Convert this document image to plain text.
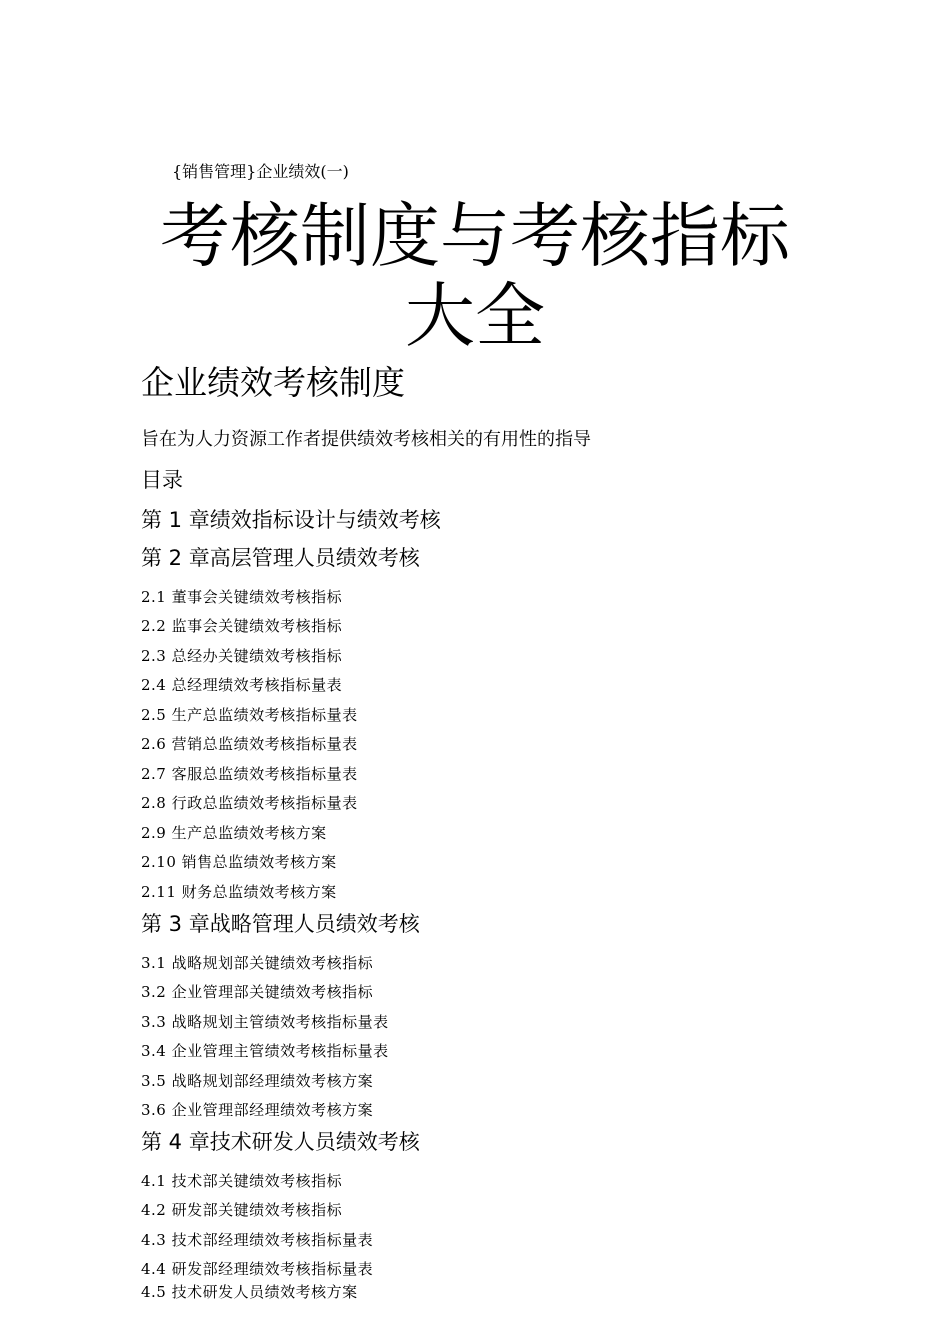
{销售管理}企业绩效(一)
考核制度与考核指标
大全
企业绩效考核制度
旨在为人力资源工作者提供绩效考核相关的有用性的指导
目录
第 1 章绩效指标设计与绩效考核
第 2 章高层管理人员绩效考核
2.1 董事会关键绩效考核指标
2.2 监事会关键绩效考核指标
2.3 总经办关键绩效考核指标
2.4 总经理绩效考核指标量表
2.5 生产总监绩效考核指标量表
2.6 营销总监绩效考核指标量表
2.7 客服总监绩效考核指标量表
2.8 行政总监绩效考核指标量表
2.9 生产总监绩效考核方案
2.10 销售总监绩效考核方案
2.11 财务总监绩效考核方案
第 3 章战略管理人员绩效考核
3.1 战略规划部关键绩效考核指标
3.2 企业管理部关键绩效考核指标
3.3 战略规划主管绩效考核指标量表
3.4 企业管理主管绩效考核指标量表
3.5 战略规划部经理绩效考核方案
3.6 企业管理部经理绩效考核方案
第 4 章技术研发人员绩效考核
4.1 技术部关键绩效考核指标
4.2 研发部关键绩效考核指标
4.3 技术部经理绩效考核指标量表
4.4 研发部经理绩效考核指标量表
4.5 技术研发人员绩效考核方案
